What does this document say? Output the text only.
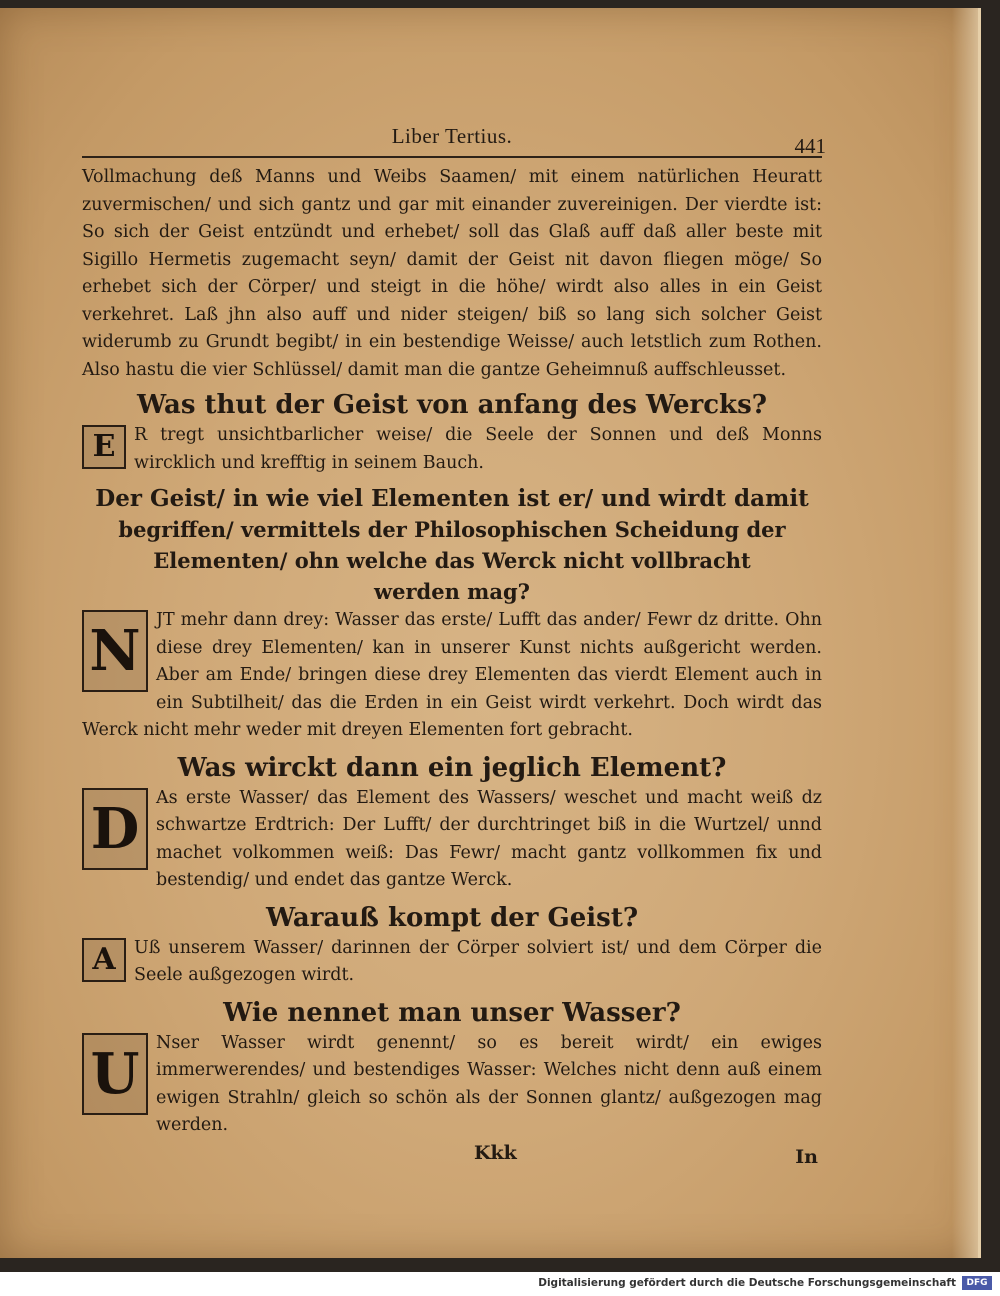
Liber Tertius.	441

Vollmachung deß Manns und Weibs Saamen/ mit einem natürlichen Heuratt zuvermischen/ und sich gantz und gar mit einander zuvereinigen. Der vierdte ist: So sich der Geist entzündt und erhebet/ soll das Glaß auff daß aller beste mit Sigillo Hermetis zugemacht seyn/ damit der Geist nit davon fliegen möge/ So erhebet sich der Cörper/ und steigt in die höhe/ wirdt also alles in ein Geist verkehret. Laß jhn also auff und nider steigen/ biß so lang sich solcher Geist widerumb zu Grundt begibt/ in ein bestendige Weisse/ auch letstlich zum Rothen. Also hastu die vier Schlüssel/ damit man die gantze Geheimnuß auffschleusset.

Was thut der Geist von anfang des Wercks?

E	R tregt unsichtbarlicher weise/ die Seele der Sonnen und deß Monns wircklich und krefftig in seinem Bauch.

Der Geist/ in wie viel Elementen ist er/ und wirdt damit
begriffen/ vermittels der Philosophischen Scheidung der
Elementen/ ohn welche das Werck nicht vollbracht
werden mag?
N JT mehr dann drey: Wasser das erste/ Lufft das ander/ Fewr dz dritte. Ohn diese drey Elementen/ kan in unserer Kunst nichts außgericht werden. Aber am Ende/ bringen diese drey Elementen das vierdt Element auch in ein Subtilheit/ das die Erden in ein Geist wirdt verkehrt. Doch wirdt das Werck nicht mehr weder mit dreyen Elementen fort gebracht.

Was wirckt dann ein jeglich Element?

D As erste Wasser/ das Element des Wassers/ weschet und macht weiß dz schwartze Erdtrich: Der Lufft/ der durchtringet biß in die Wurtzel/ unnd machet volkommen weiß: Das Fewr/ macht gantz vollkommen fix und bestendig/ und endet das gantze Werck.

Warauß kompt der Geist?

A	Uß unserem Wasser/ darinnen der Cörper solviert ist/ und dem Cörper die Seele außgezogen wirdt.

Wie nennet man unser Wasser?

U Nser Wasser wirdt genennt/ so es bereit wirdt/ ein ewiges immerwerendes/ und bestendiges Wasser: Welches nicht denn auß einem ewigen Strahln/ gleich so schön als der Sonnen glantz/ außgezogen mag werden.

Kkk	In
Digitalisierung gefördert durch die Deutsche Forschungsgemeinschaft	DFG
